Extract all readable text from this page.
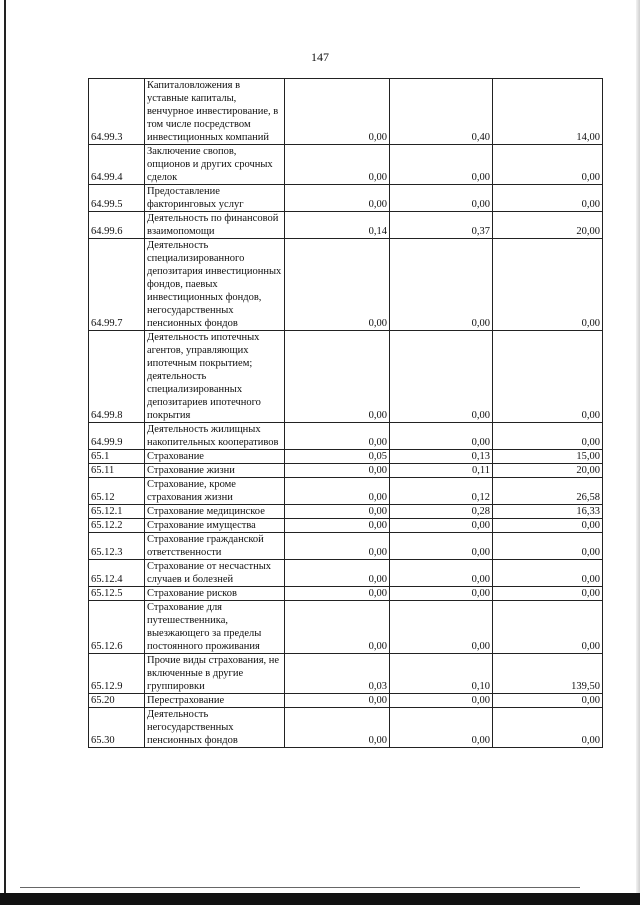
147
64.99.3	Капиталовложения в уставные капиталы, венчурное инвестирование, в том числе посредством инвестиционных компаний	0,00	0,40	14,00
64.99.4	Заключение свопов, опционов и других срочных сделок	0,00	0,00	0,00
64.99.5	Предоставление факторинговых услуг	0,00	0,00	0,00
64.99.6	Деятельность по финансовой взаимопомощи	0,14	0,37	20,00
64.99.7	Деятельность специализированного депозитария инвестиционных фондов, паевых инвестиционных фондов, негосударственных пенсионных фондов	0,00	0,00	0,00
64.99.8	Деятельность ипотечных агентов, управляющих ипотечным покрытием; деятельность специализированных депозитариев ипотечного покрытия	0,00	0,00	0,00
64.99.9	Деятельность жилищных накопительных кооперативов	0,00	0,00	0,00
65.1	Страхование	0,05	0,13	15,00
65.11	Страхование жизни	0,00	0,11	20,00
65.12	Страхование, кроме страхования жизни	0,00	0,12	26,58
65.12.1	Страхование медицинское	0,00	0,28	16,33
65.12.2	Страхование имущества	0,00	0,00	0,00
65.12.3	Страхование гражданской ответственности	0,00	0,00	0,00
65.12.4	Страхование от несчастных случаев и болезней	0,00	0,00	0,00
65.12.5	Страхование рисков	0,00	0,00	0,00
65.12.6	Страхование для путешественника, выезжающего за пределы постоянного проживания	0,00	0,00	0,00
65.12.9	Прочие виды страхования, не включенные в другие группировки	0,03	0,10	139,50
65.20	Перестрахование	0,00	0,00	0,00
65.30	Деятельность негосударственных пенсионных фондов	0,00	0,00	0,00
